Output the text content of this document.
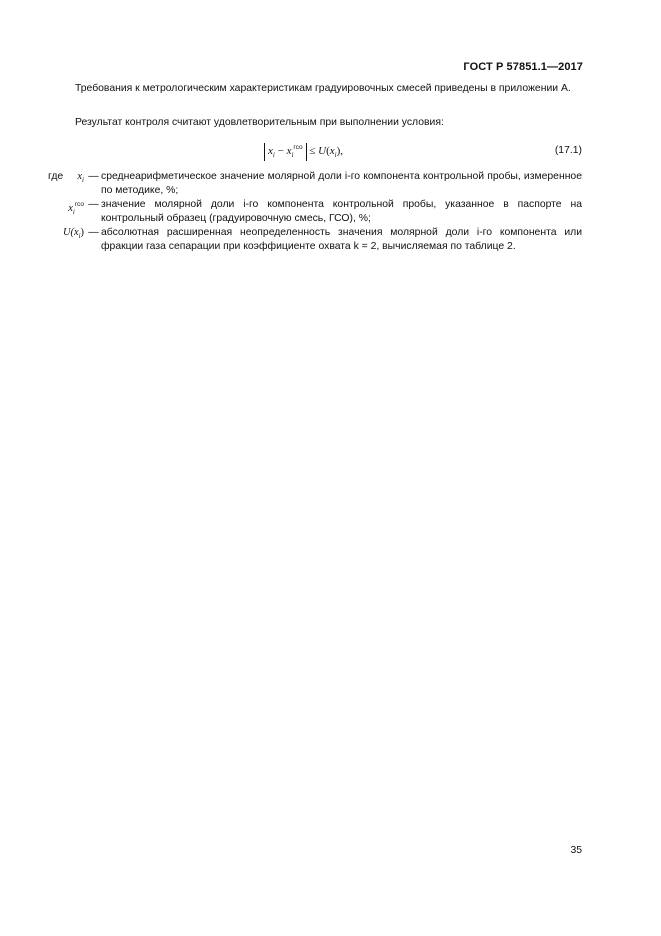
ГОСТ Р 57851.1—2017

Требования к метрологическим характеристикам градуировочных смесей приведены в приложении А.

Результат контроля считают удовлетворительным при выполнении условия:

$x_i - x_i^{гсо} \le U(x_i)$,	(17.1)
где	$x_i$ — среднеарифметическое значение молярной доли i-го компонента контрольной пробы, измеренное по методике, %;
$x_i^{гсо}$ — значение молярной доли i-го компонента контрольной пробы, указанное в паспорте на контрольный образец (градуировочную смесь, ГСО), %;
$U(x_i)$ — абсолютная расширенная неопределенность значения молярной доли i-го компонента или фракции газа сепарации при коэффициенте охвата k = 2, вычисляемая по таблице 2.
35
